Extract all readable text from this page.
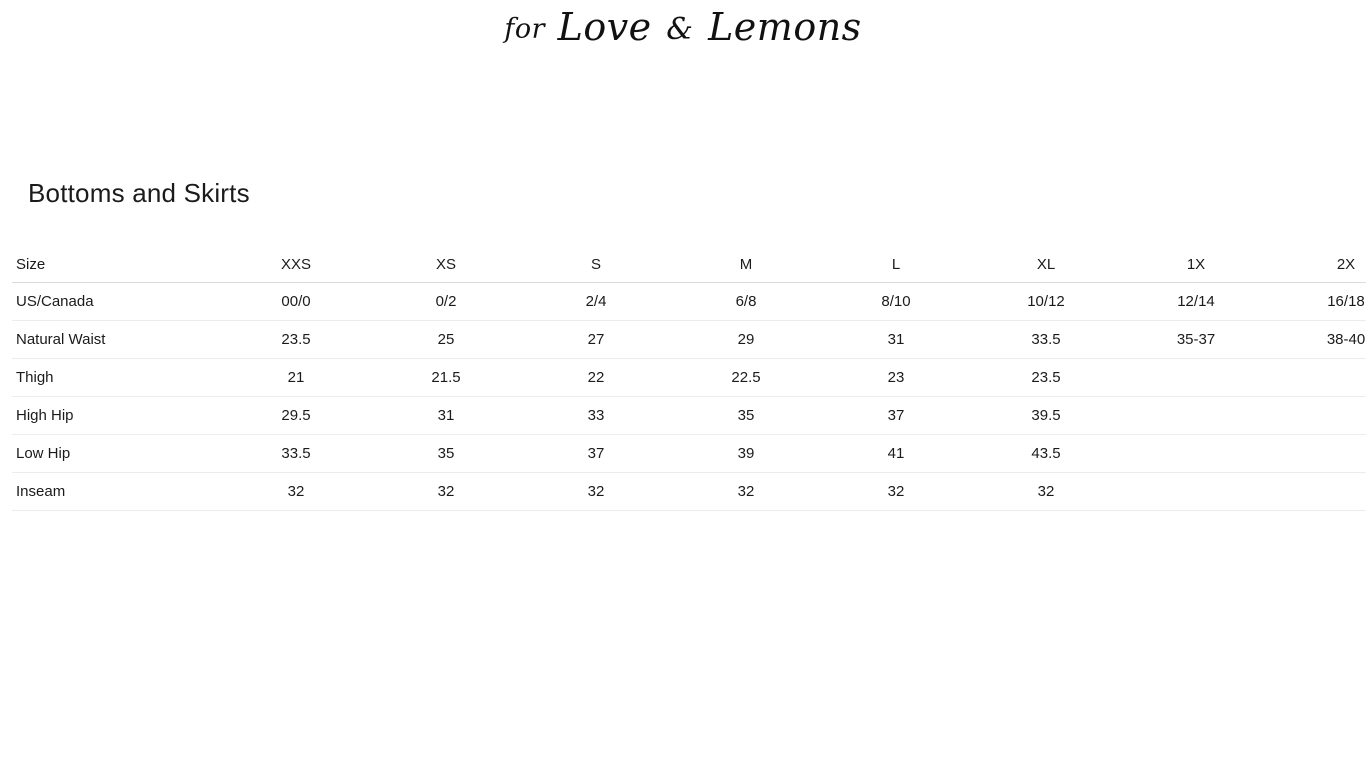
for Love & Lemons
Bottoms and Skirts
Size	XXS	XS	S	M	L	XL	1X	2X
US/Canada	00/0	0/2	2/4	6/8	8/10	10/12	12/14	16/18
Natural Waist	23.5	25	27	29	31	33.5	35-37	38-40
Thigh	21	21.5	22	22.5	23	23.5		
High Hip	29.5	31	33	35	37	39.5		
Low Hip	33.5	35	37	39	41	43.5		
Inseam	32	32	32	32	32	32		
